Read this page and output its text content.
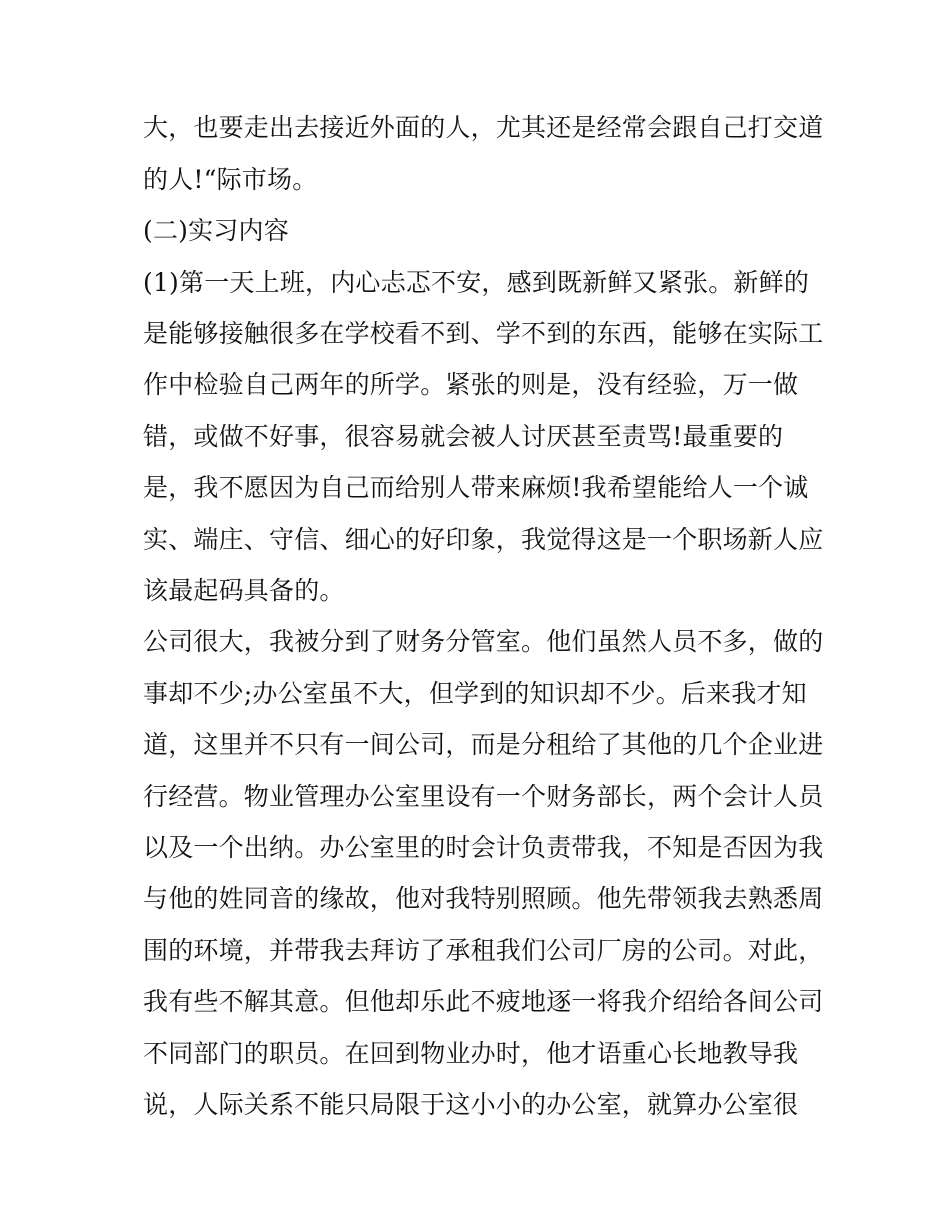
大，也要走出去接近外面的人，尤其还是经常会跟自己打交道
的人!“际市场。
(二)实习内容
(1)第一天上班，内心忐忑不安，感到既新鲜又紧张。新鲜的
是能够接触很多在学校看不到、学不到的东西，能够在实际工
作中检验自己两年的所学。紧张的则是，没有经验，万一做
错，或做不好事，很容易就会被人讨厌甚至责骂!最重要的
是，我不愿因为自己而给别人带来麻烦!我希望能给人一个诚
实、端庄、守信、细心的好印象，我觉得这是一个职场新人应
该最起码具备的。
公司很大，我被分到了财务分管室。他们虽然人员不多，做的
事却不少;办公室虽不大，但学到的知识却不少。后来我才知
道，这里并不只有一间公司，而是分租给了其他的几个企业进
行经营。物业管理办公室里设有一个财务部长，两个会计人员
以及一个出纳。办公室里的时会计负责带我，不知是否因为我
与他的姓同音的缘故，他对我特别照顾。他先带领我去熟悉周
围的环境，并带我去拜访了承租我们公司厂房的公司。对此，
我有些不解其意。但他却乐此不疲地逐一将我介绍给各间公司
不同部门的职员。在回到物业办时，他才语重心长地教导我
说，人际关系不能只局限于这小小的办公室，就算办公室很
